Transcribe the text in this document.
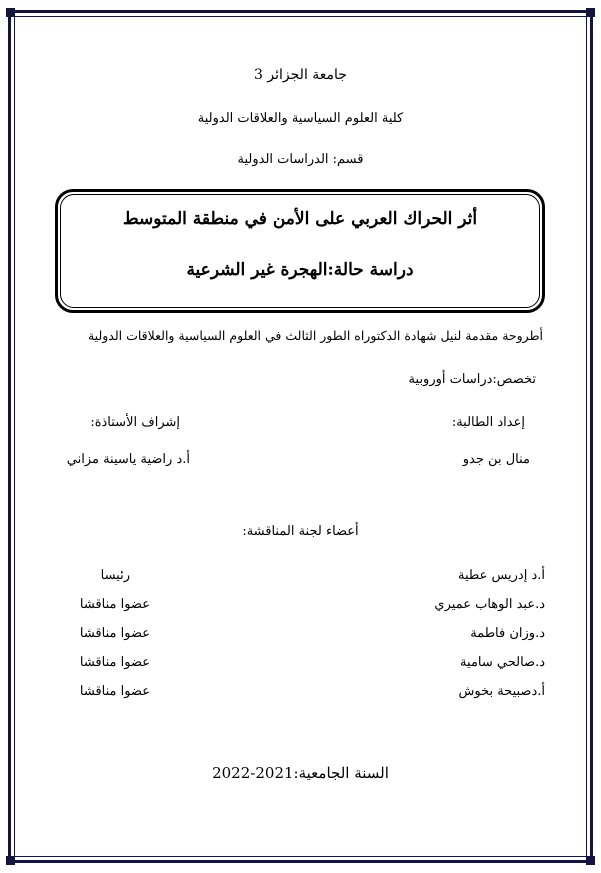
جامعة الجزائر 3
كلية العلوم السياسية والعلاقات الدولية
قسم: الدراسات الدولية
أثر الحراك العربي على الأمن في منطقة المتوسط
دراسة حالة:الهجرة غير الشرعية
أطروحة مقدمة لنيل شهادة الدكتوراه الطور الثالث في العلوم السياسية والعلاقات الدولية
تخصص:دراسات أوروبية
إعداد الطالبة:
إشراف الأستاذة:
منال بن جدو
أ.د راضية ياسينة مزاني
أعضاء لجنة المناقشة:
أ.د إدريس عطية
رئيسا
د.عبد الوهاب عميري
عضوا مناقشا
د.وزان فاطمة
عضوا مناقشا
د.صالحي سامية
عضوا مناقشا
أ.دصبيحة بخوش
عضوا مناقشا
السنة الجامعية:2021-2022
